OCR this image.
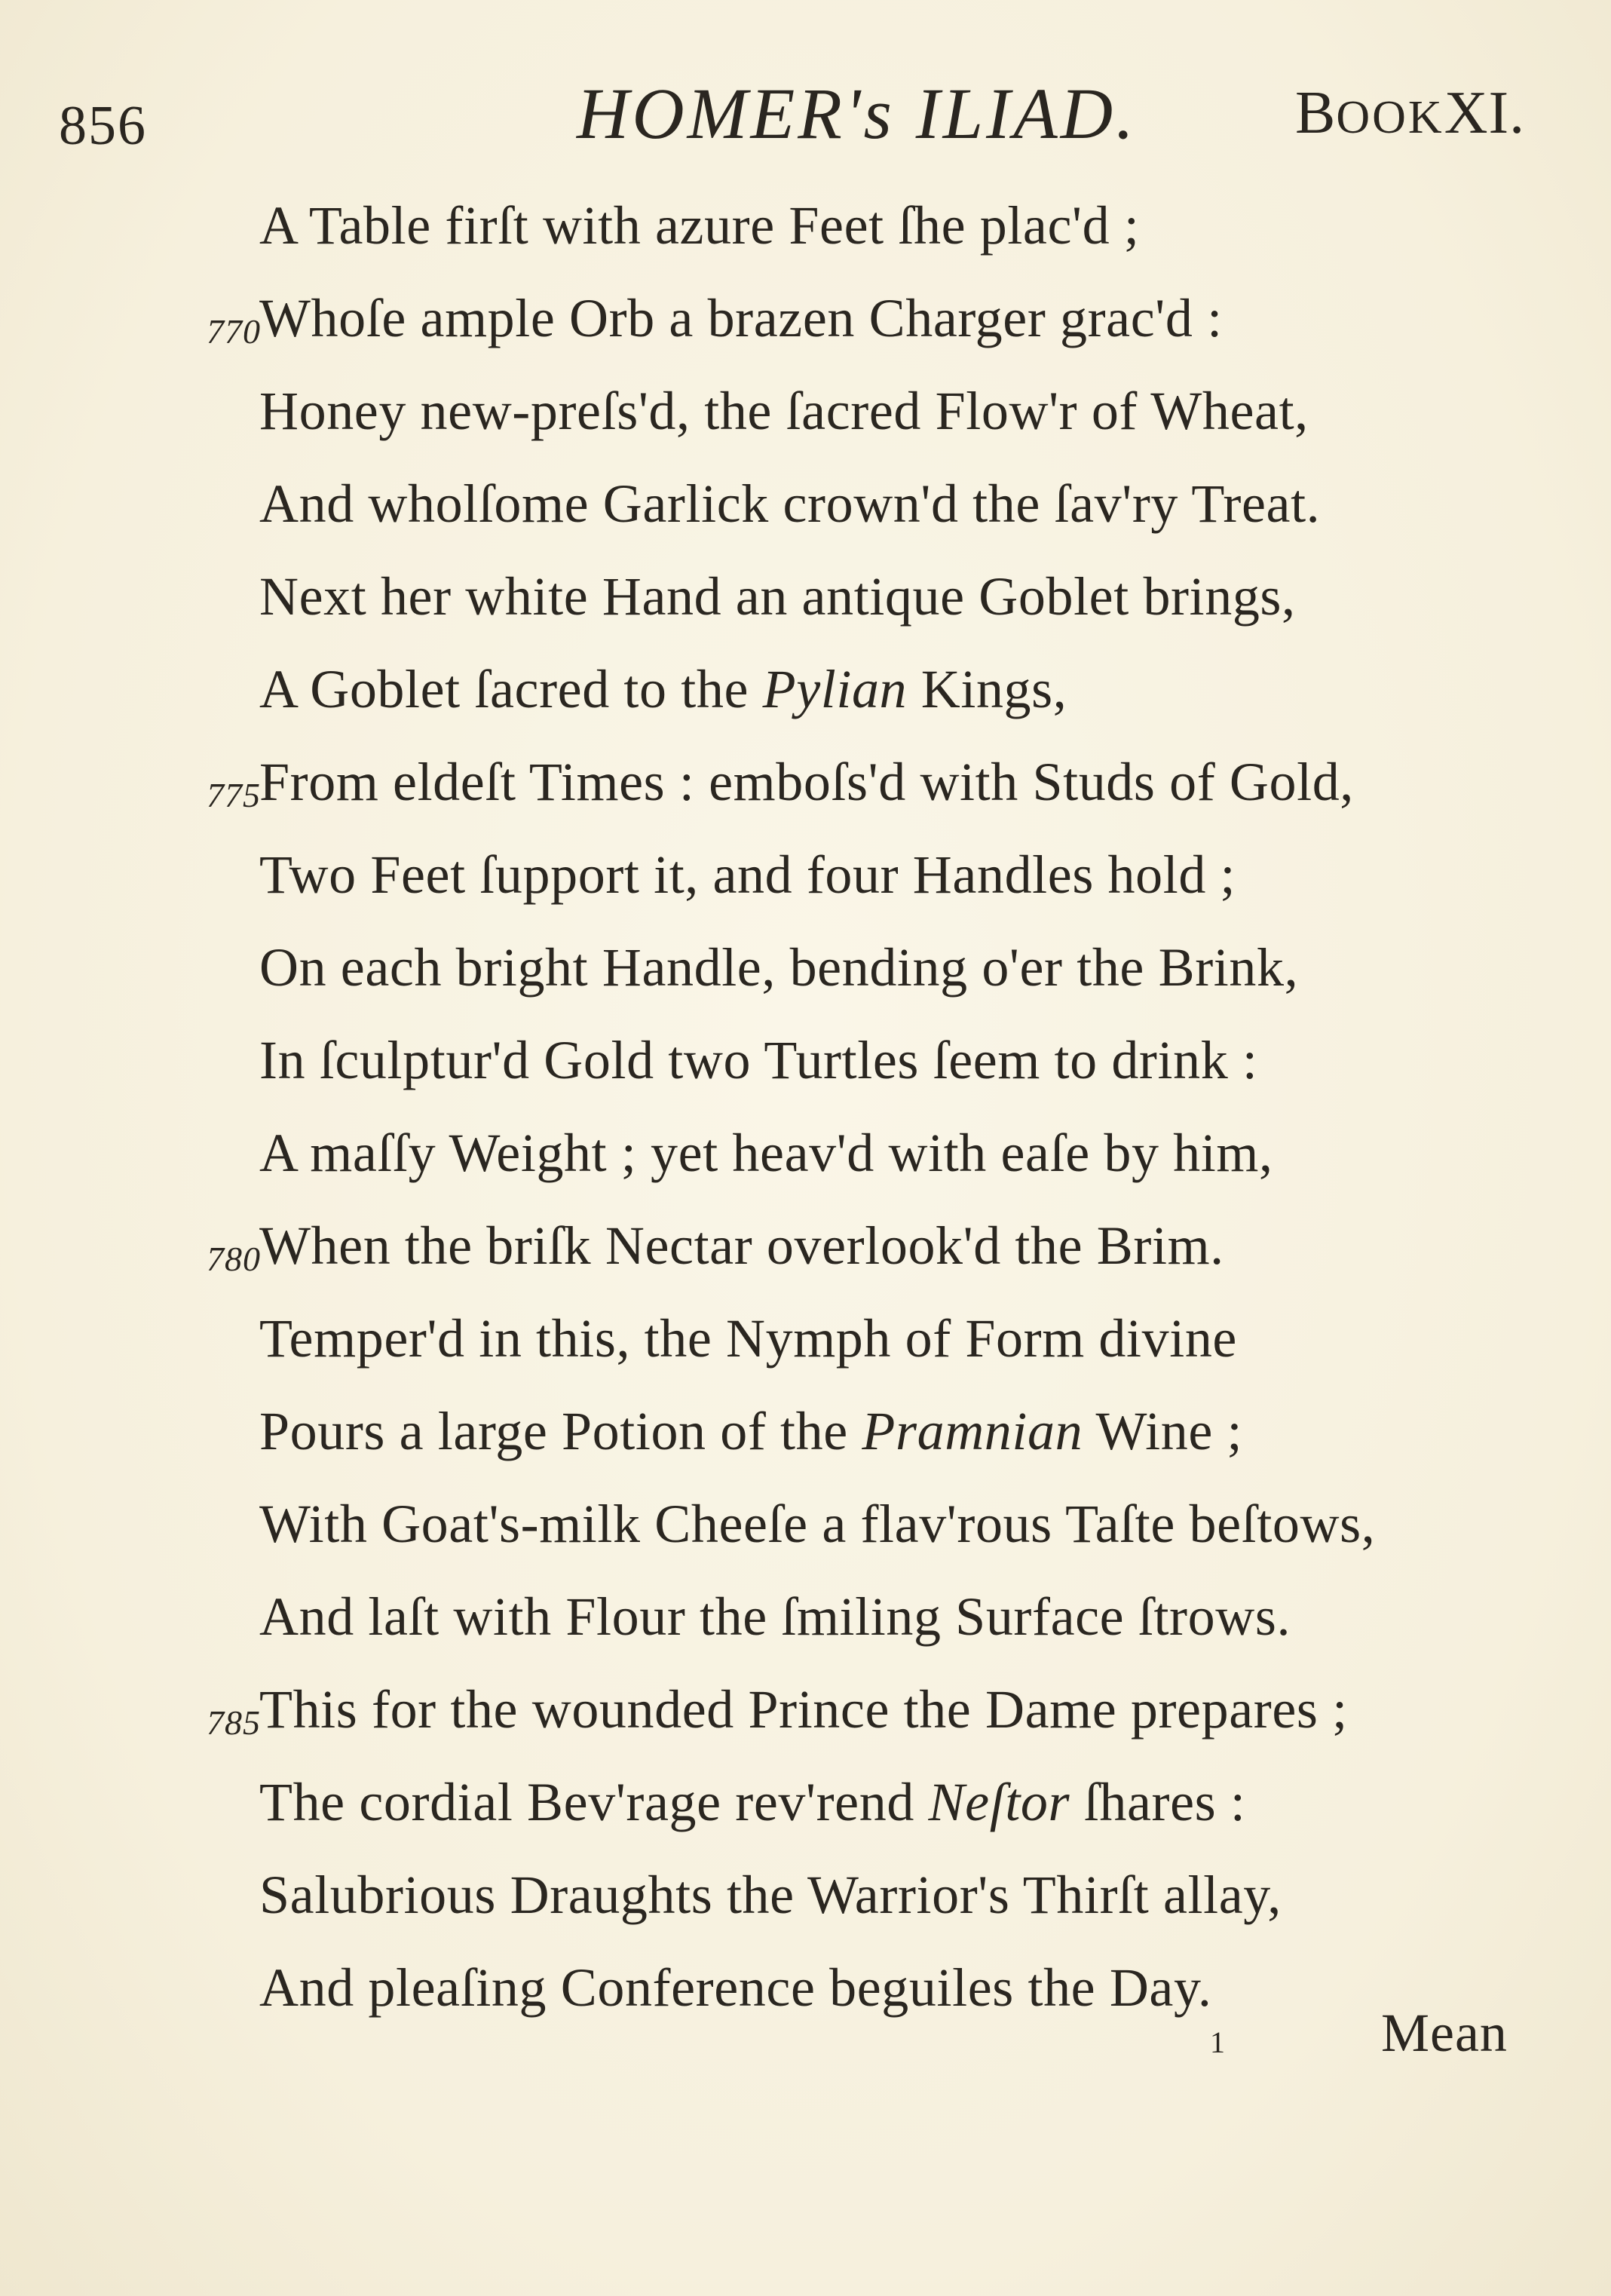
856	HOMER's ILIAD.	BOOKXI.
A Table firſt with azure Feet ſhe plac'd ;
770
Whoſe ample Orb a brazen Charger grac'd :
Honey new-preſs'd, the ſacred Flow'r of Wheat,
And wholſome Garlick crown'd the ſav'ry Treat.
Next her white Hand an antique Goblet brings,
A Goblet ſacred to the Pylian Kings,
775
From eldeſt Times : emboſs'd with Studs of Gold,
Two Feet ſupport it, and four Handles hold ;
On each bright Handle, bending o'er the Brink,
In ſculptur'd Gold two Turtles ſeem to drink :
A maſſy Weight ; yet heav'd with eaſe by him,
780
When the briſk Nectar overlook'd the Brim.
Temper'd in this, the Nymph of Form divine
Pours a large Potion of the Pramnian Wine ;
With Goat's-milk Cheeſe a flav'rous Taſte beſtows,
And laſt with Flour the ſmiling Surface ſtrows.
785
This for the wounded Prince the Dame prepares ;
The cordial Bev'rage rev'rend Neſtor ſhares :
Salubrious Draughts the Warrior's Thirſt allay,
And pleaſing Conference beguiles the Day.
1	Mean
